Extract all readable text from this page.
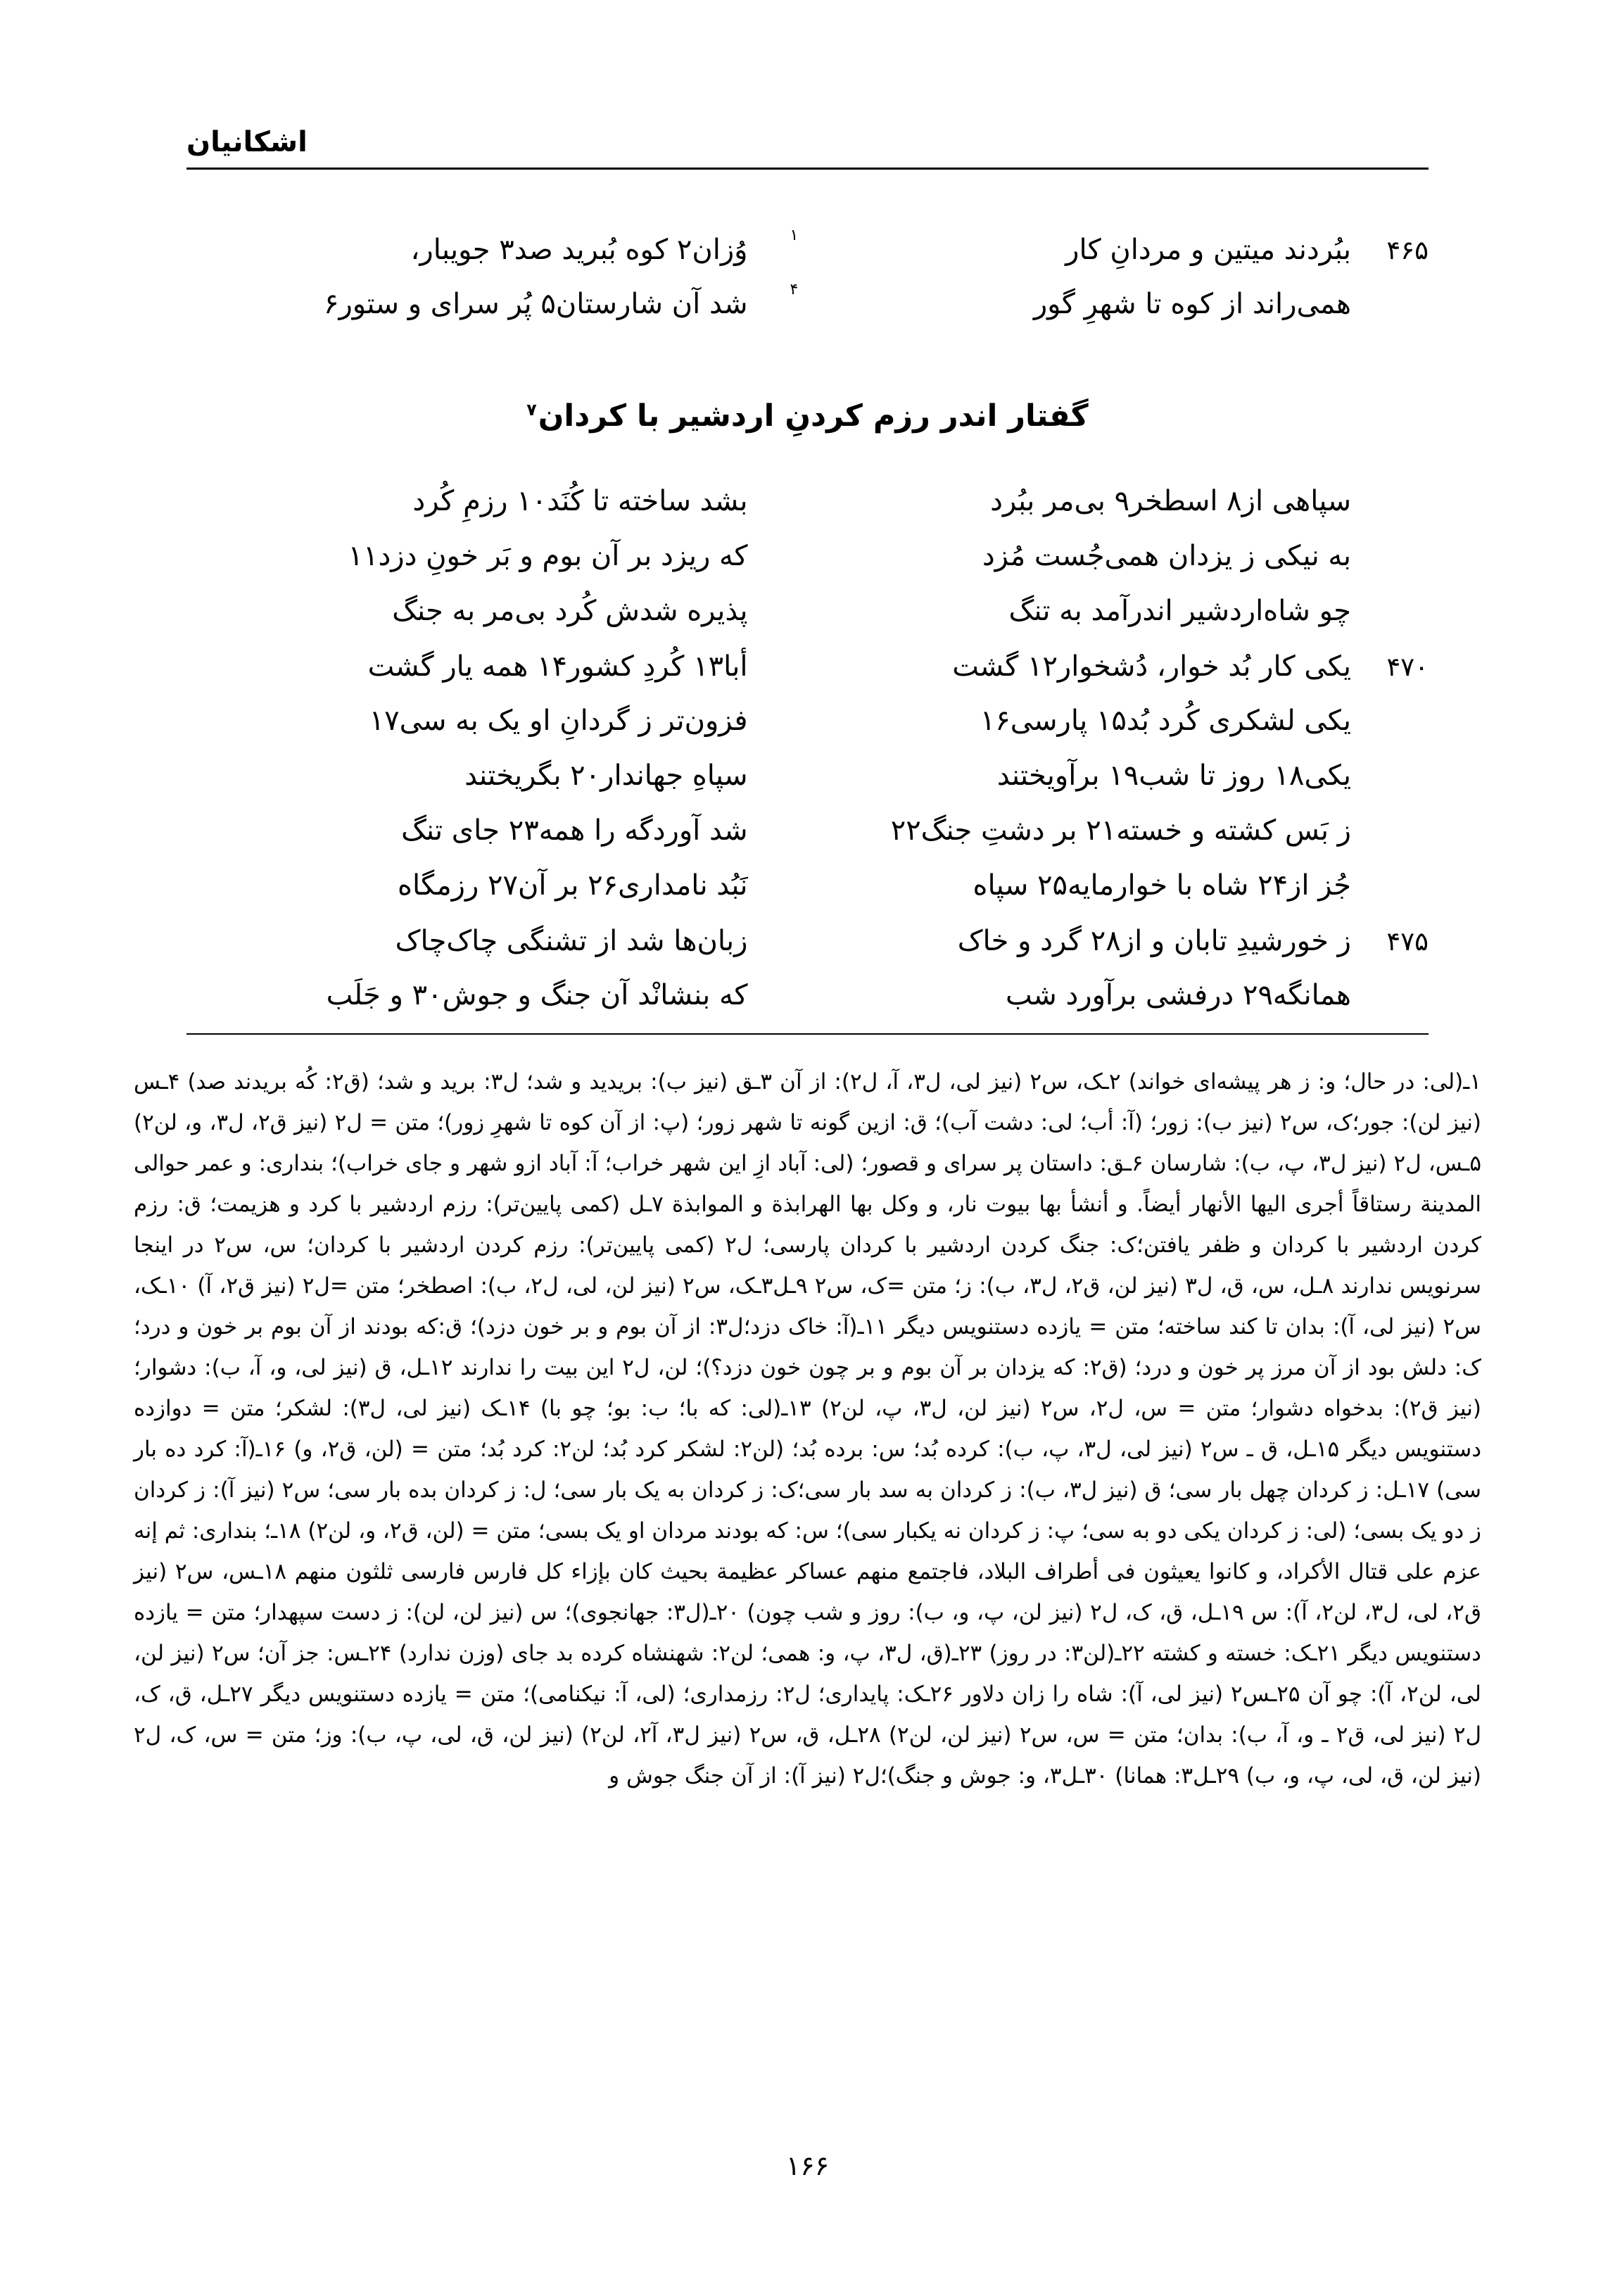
اشکانیان
۴۶۵
ببُردند میتین و مردانِ کار
۱
وُزان۲ کوه بُبرید صد۳ جویبار،
همی‌راند از کوه تا شهرِ گور
۴
شد آن شارستان۵ پُر سرای و ستور۶
گفتار اندر رزم کردنِ اردشیر با کردان$^۷$
سپاهی از۸ اسطخر۹ بی‌مر ببُرد
بشد ساخته تا کُنَد۱۰ رزمِ کُرد
به نیکی ز یزدان همی‌جُست مُزد
که ریزد بر آن بوم و بَر خونِ دزد۱۱
چو شاه‌اردشیر اندرآمد به تنگ
پذیره شدش کُرد بی‌مر به جنگ
۴۷۰
یکی کار بُد خوار، دُشخوار۱۲ گشت
أبا۱۳ کُردِ کشور۱۴ همه یار گشت
یکی لشکری کُرد بُد۱۵ پارسی۱۶
فزون‌تر ز گردانِ او یک به سی۱۷
یکی۱۸ روز تا شب۱۹ برآویختند
سپاهِ جهاندار۲۰ بگریختند
ز بَس کشته و خسته۲۱ بر دشتِ جنگ۲۲
شد آوردگه را همه۲۳ جای تنگ
جُز از۲۴ شاه با خوارمایه۲۵ سپاه
نَبُد نامداری۲۶ بر آن۲۷ رزمگاه
۴۷۵
ز خورشیدِ تابان و از۲۸ گرد و خاک
زبان‌ها شد از تشنگی چاک‌چاک
همانگه۲۹ درفشی برآورد شب
که بنشانْد آن جنگ و جوش۳۰ و جَلَب

۱ـ(لی: در حال؛ و: ز هر پیشه‌ای خواند) ۲ـک، س۲ (نیز لی، ل۳، آ، ل۲): از آن ۳ـق (نیز ب): بریدید و شد؛ ل۳: برید و شد؛ (ق۲: کُه بریدند صد) ۴ـس (نیز لن): جور؛ک، س۲ (نیز ب): زور؛ (آ: أب؛ لی: دشت آب)؛ ق: ازین گونه تا شهر زور؛ (پ: از آن کوه تا شهرِ زور)؛ متن = ل۲ (نیز ق۲، ل۳، و، لن۲) ۵ـس، ل۲ (نیز ل۳، پ، ب): شارسان ۶ـق: داستان پر سرای و قصور؛ (لی: آباد ازِ این شهر خراب؛ آ: آباد ازو شهر و جای خراب)؛ بنداری: و عمر حوالی المدینة رستاقاً أجری الیها الأنهار أیضاً. و أنشأ بها بیوت نار، و وکل بها الهرابذة و الموابذة ۷ـل (کمی پایین‌تر): رزم اردشیر با کرد و هزیمت؛ ق: رزم کردن اردشیر با کردان و ظفر یافتن؛ک: جنگ کردن اردشیر با کردان پارسی؛ ل۲ (کمی پایین‌تر): رزم کردن اردشیر با کردان؛ س، س۲ در اینجا سرنویس ندارند ۸ـل، س، ق، ل۳ (نیز لن، ق۲، ل۳، ب): ز؛ متن =ک، س۲ ۹ـل۳ـک، س۲ (نیز لن، لی، ل۲، ب): اصطخر؛ متن =ل۲ (نیز ق۲، آ) ۱۰ـک، س۲ (نیز لی، آ): بدان تا کند ساخته؛ متن = یازده دستنویس دیگر ۱۱ـ(آ: خاک دزد؛ل۳: از آن بوم و بر خون دزد)؛ ق:که بودند از آن بوم بر خون و درد؛ک: دلش بود از آن مرز پر خون و درد؛ (ق۲: که یزدان بر آن بوم و بر چون خون دزد؟)؛ لن، ل۲ این بیت را ندارند ۱۲ـل، ق (نیز لی، و، آ، ب): دشوار؛ (نیز ق۲): بدخواه دشوار؛ متن = س، ل۲، س۲ (نیز لن، ل۳، پ، لن۲) ۱۳ـ(لی: که با؛ ب: بو؛ چو با) ۱۴ـک (نیز لی، ل۳): لشکر؛ متن = دوازده دستنویس دیگر ۱۵ـل، ق ـ س۲ (نیز لی، ل۳، پ، ب): کرده بُد؛ س: برده بُد؛ (لن۲: لشکر کرد بُد؛ لن۲: کرد بُد؛ متن = (لن، ق۲، و) ۱۶ـ(آ: کرد ده بار سی) ۱۷ـل: ز کردان چهل بار سی؛ ق (نیز ل۳، ب): ز کردان به سد بار سی؛ک: ز کردان به یک بار سی؛ ل: ز کردان بده بار سی؛ س۲ (نیز آ): ز کردان ز دو یک بسی؛ (لی: ز کردان یکی دو به سی؛ پ: ز کردان نه یکبار سی)؛ س: که بودند مردان او یک بسی؛ متن = (لن، ق۲، و، لن۲) ۱۸ـ؛ بنداری: ثم إنه عزم علی قتال الأکراد، و کانوا یعیثون فی أطراف البلاد، فاجتمع منهم عساکر عظیمة بحیث کان بإزاء کل فارس فارسی ثلثون منهم ۱۸ـس، س۲ (نیز ق۲، لی، ل۳، لن۲، آ): س ۱۹ـل، ق، ک، ل۲ (نیز لن، پ، و، ب): روز و شب چون) ۲۰ـ(ل۳: جهانجوی)؛ س (نیز لن، لن): ز دست سپهدار؛ متن = یازده دستنویس دیگر ۲۱ـک: خسته و کشته ۲۲ـ(لن۳: در روز) ۲۳ـ(ق، ل۳، پ، و: همی؛ لن۲: شهنشاه کرده بد جای (وزن ندارد) ۲۴ـس: جز آن؛ س۲ (نیز لن، لی، لن۲، آ): چو آن ۲۵ـس۲ (نیز لی، آ): شاه را زان دلاور ۲۶ـک: پایداری؛ ل۲: رزمداری؛ (لی، آ: نیکنامی)؛ متن = یازده دستنویس دیگر ۲۷ـل، ق، ک، ل۲ (نیز لی، ق۲ ـ و، آ، ب): بدان؛ متن = س، س۲ (نیز لن، لن۲) ۲۸ـل، ق، س۲ (نیز ل۳، آ۲، لن۲) (نیز لن، ق، لی، پ، ب): وز؛ متن = س، ک، ل۲ (نیز لن، ق، لی، پ، و، ب) ۲۹ـل۳: همانا) ۳۰ـل۳، و: جوش و جنگ)؛ل۲ (نیز آ): از آن جنگ جوش و

۱۶۶
